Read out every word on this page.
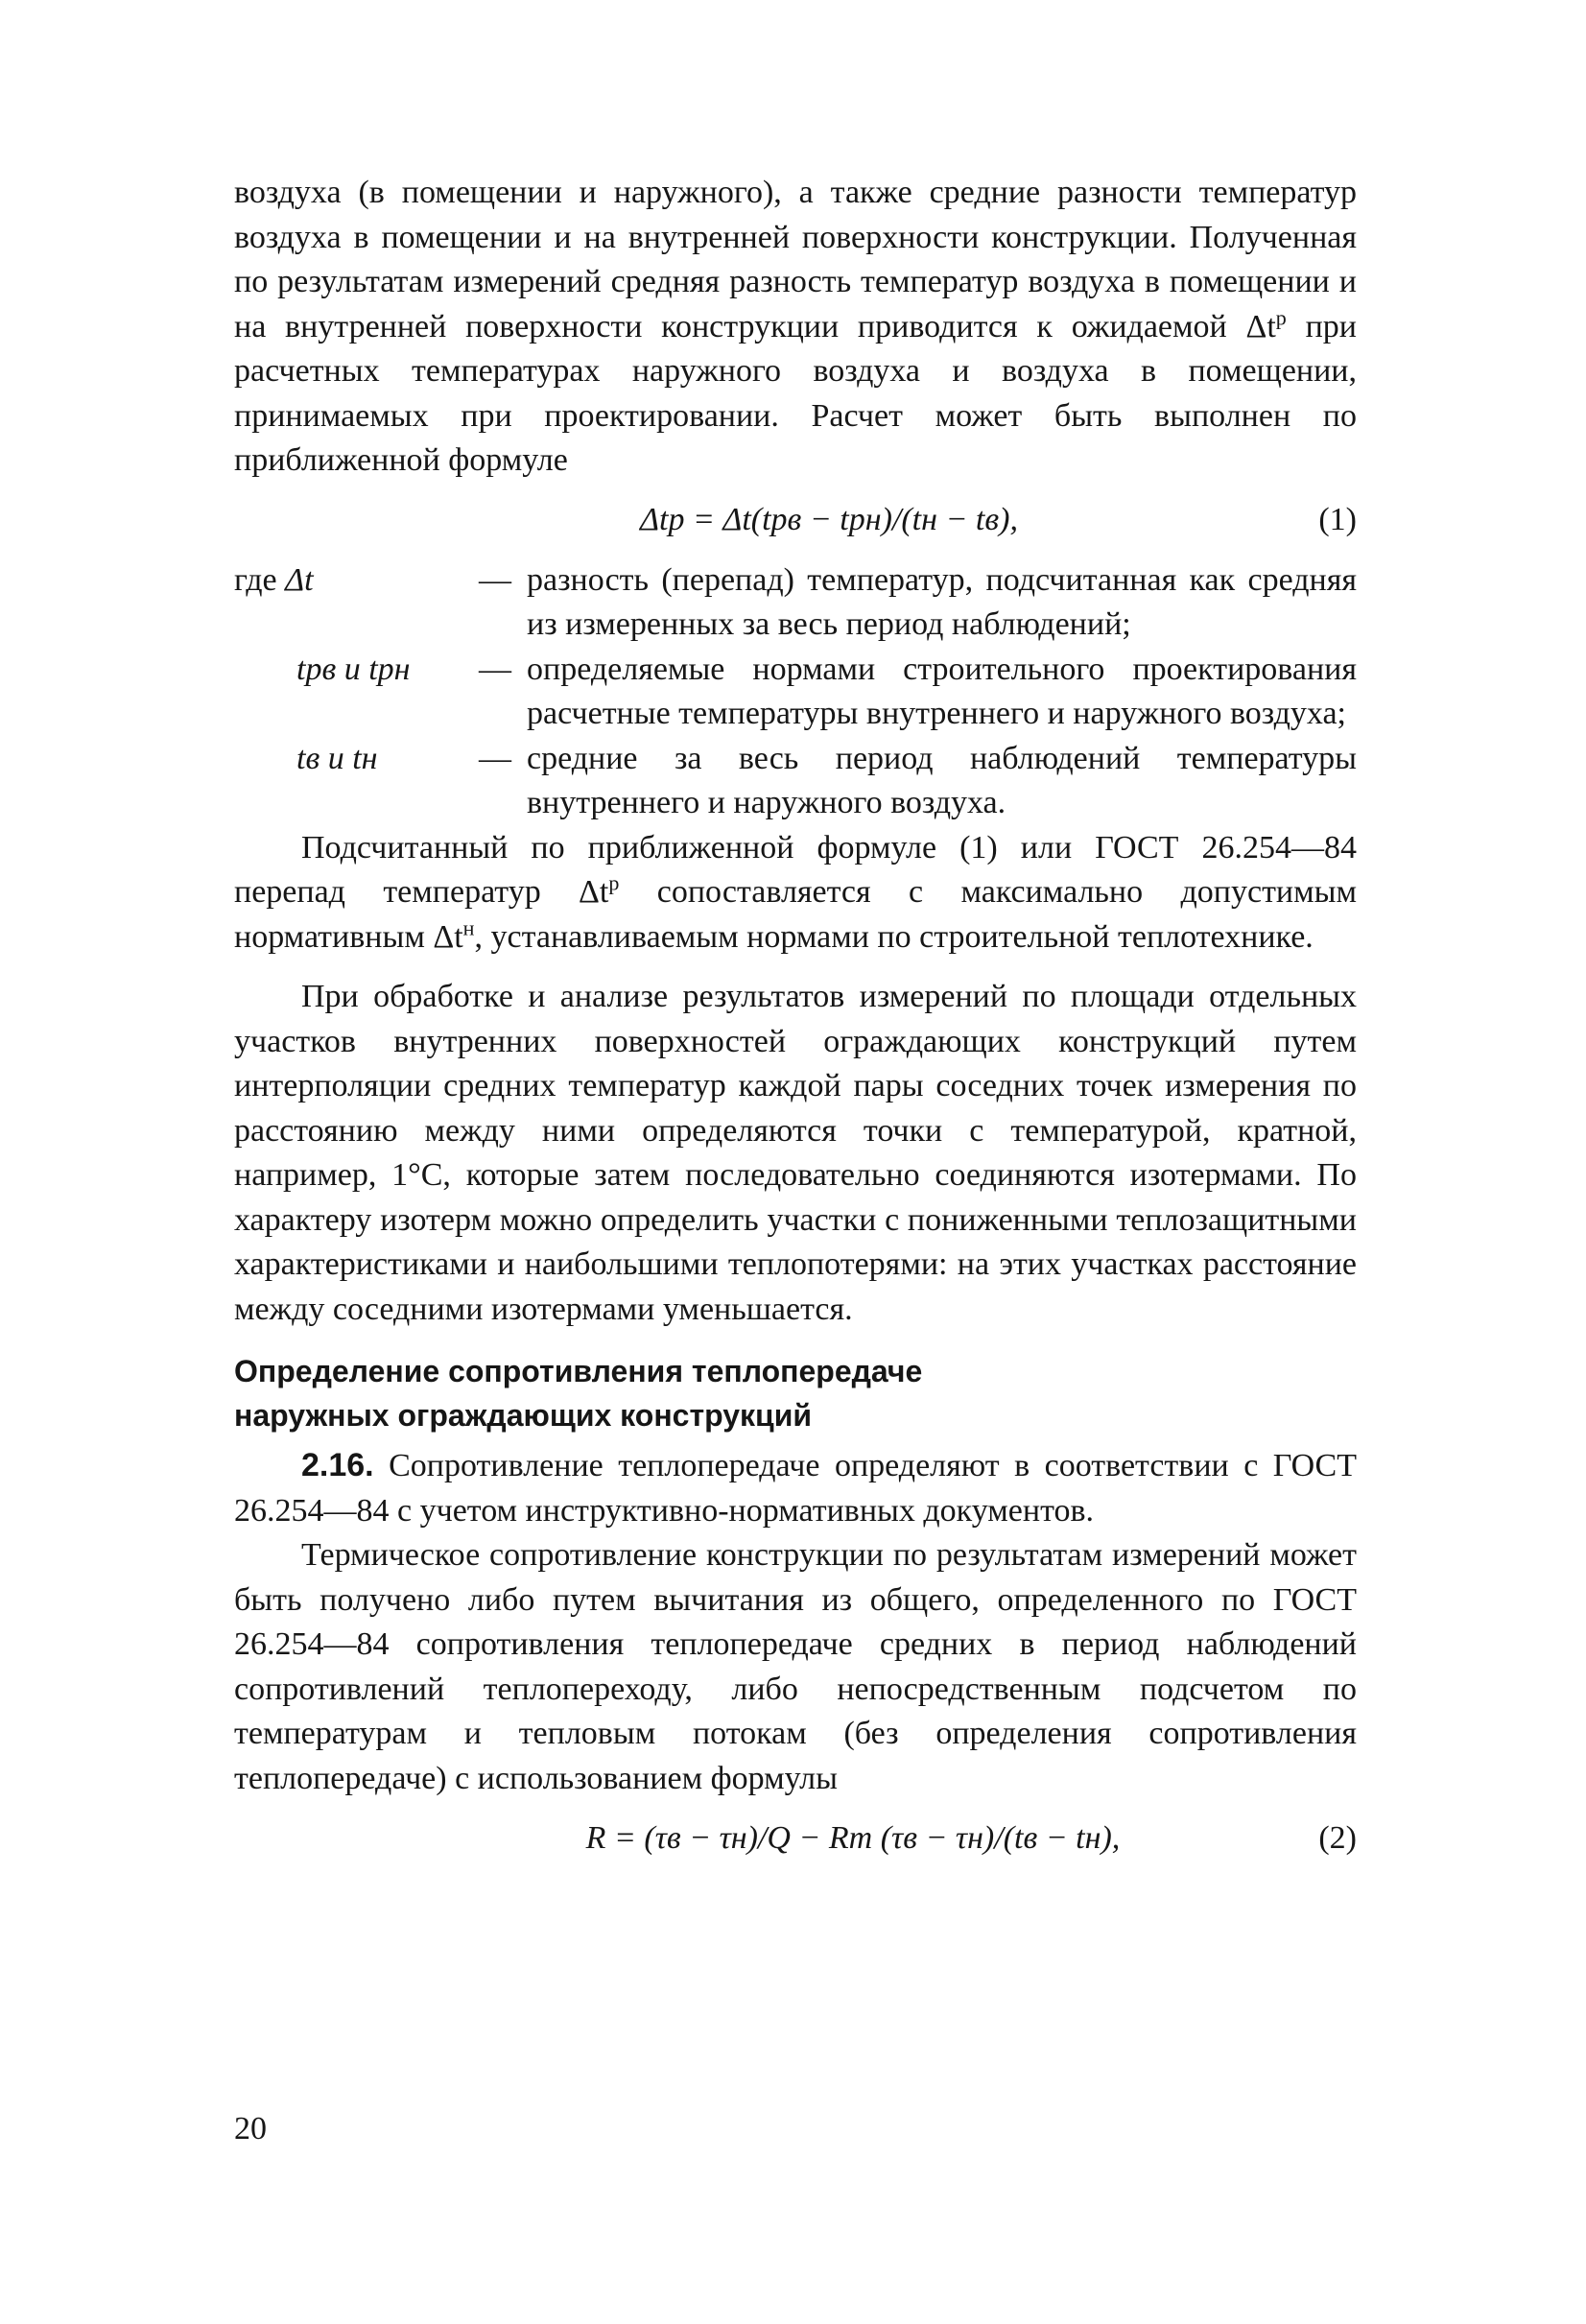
воздуха (в помещении и наружного), а также средние разности температур воздуха в помещении и на внутренней поверхности конструкции. Полученная по результатам измерений средняя разность температур воздуха в помещении и на внутренней поверхности конструкции приводится к ожидаемой $\Delta t^р$ при расчетных температурах наружного воздуха и воздуха в помещении, принимаемых при проектировании. Расчет может быть выполнен по приближенной формуле

Δtр = Δt(tрв − tрн)/(tн − tв),	(1)
где Δt	— разность (перепад) температур, подсчитанная как средняя из измеренных за весь период наблюдений;
tрв и tрн	— определяемые нормами строительного проектирования расчетные температуры внутреннего и наружного воздуха;
tв и tн	— средние за весь период наблюдений температуры внутреннего и наружного воздуха.

Подсчитанный по приближенной формуле (1) или ГОСТ 26.254—84 перепад температур $\Delta t^р$ сопоставляется с максимально допустимым нормативным $\Delta t^н$, устанавливаемым нормами по строительной теплотехнике.

При обработке и анализе результатов измерений по площади отдельных участков внутренних поверхностей ограждающих конструкций путем интерполяции средних температур каждой пары соседних точек измерения по расстоянию между ними определяются точки с температурой, кратной, например, 1°С, которые затем последовательно соединяются изотермами. По характеру изотерм можно определить участки с пониженными теплозащитными характеристиками и наибольшими теплопотерями: на этих участках расстояние между соседними изотермами уменьшается.

Определение сопротивления теплопередаче
наружных ограждающих конструкций

2.16. Сопротивление теплопередаче определяют в соответствии с ГОСТ 26.254—84 с учетом инструктивно-нормативных документов.

Термическое сопротивление конструкции по результатам измерений может быть получено либо путем вычитания из общего, определенного по ГОСТ 26.254—84 сопротивления теплопередаче средних в период наблюдений сопротивлений теплопереходу, либо непосредственным подсчетом по температурам и тепловым потокам (без определения сопротивления теплопередаче) с использованием формулы

R = (τв − τн)/Q − Rт (τв − τн)/(tв − tн),	(2)
20
